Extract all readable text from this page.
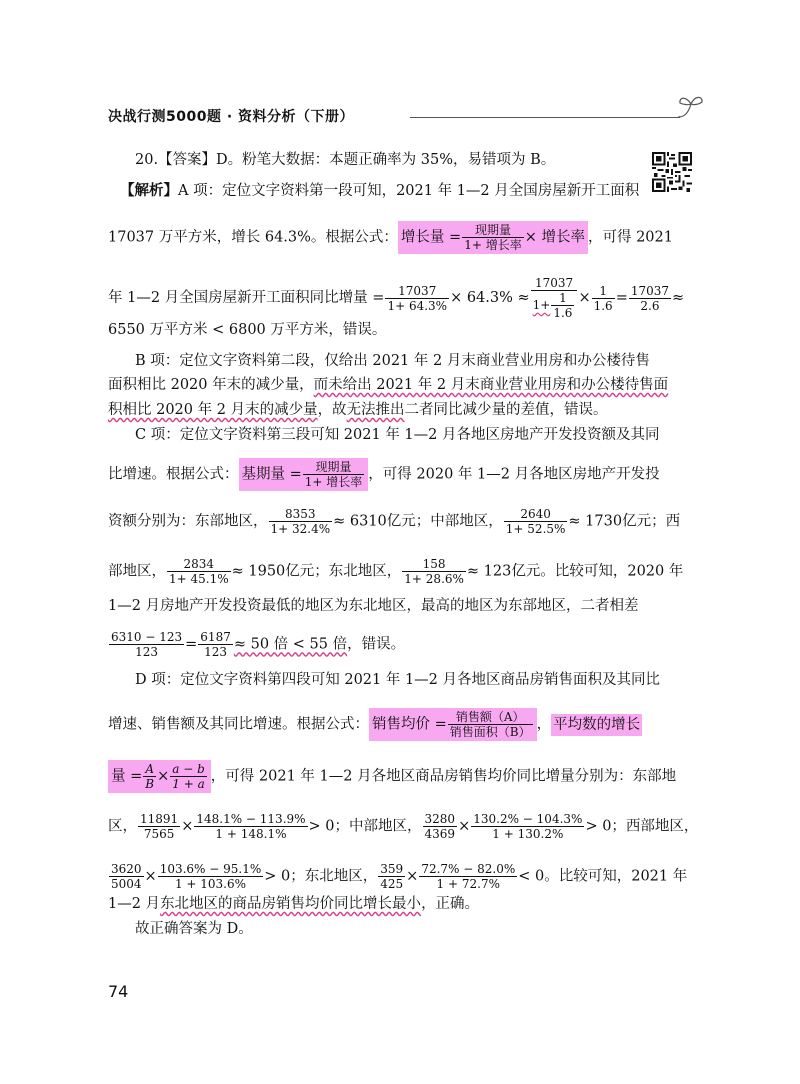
决战行测5000题 · 资料分析（下册）
20.【答案】D。粉笔大数据：本题正确率为 35%，易错项为 B。
【解析】A 项：定位文字资料第一段可知，2021 年 1—2 月全国房屋新开工面积
17037 万平方米，增长 64.3%。根据公式： 增长量 = $\frac{\text{现期量}}{\text{1+ 增长率}}$ × 增长率 ，可得 2021
年 1—2 月全国房屋新开工面积同比增量 = $\frac{17037}{1+ 64.3\%} \times 64.3\% \approx \frac{17037}{1+ \frac{1}{1.6}} \times \frac{1}{1.6} = \frac{17037}{2.6}$ ≈
6550 万平方米 < 6800 万平方米，错误。
B 项：定位文字资料第二段，仅给出 2021 年 2 月末商业营业用房和办公楼待售
面积相比 2020 年末的减少量，而未给出 2021 年 2 月末商业营业用房和办公楼待售面
积相比 2020 年 2 月末的减少量，故无法推出二者同比减少量的差值，错误。
C 项：定位文字资料第三段可知 2021 年 1—2 月各地区房地产开发投资额及其同
比增速。根据公式： 基期量 = $\frac{\text{现期量}}{\text{1+ 增长率}}$ ，可得 2020 年 1—2 月各地区房地产开发投
资额分别为：东部地区， $\frac{8353}{1+ 32.4\%} \approx 6310$亿元；中部地区， $\frac{2640}{1+ 52.5\%} \approx 1730$亿元；西
部地区， $\frac{2834}{1+ 45.1\%} \approx 1950$亿元；东北地区， $\frac{158}{1+ 28.6\%} \approx 123$亿元。比较可知，2020 年
1—2 月房地产开发投资最低的地区为东北地区，最高的地区为东部地区，二者相差
$\frac{6310 - 123}{123} = \frac{6187}{123} \approx 50$ 倍 < 55 倍，错误。
D 项：定位文字资料第四段可知 2021 年 1—2 月各地区商品房销售面积及其同比
增速、销售额及其同比增速。根据公式： 销售均价 = $\frac{\text{销售额（A）}}{\text{销售面积（B）}}$ ， 平均数的增长
量 = $\frac{A}{B} \times \frac{a - b}{1 + a}$ ，可得 2021 年 1—2 月各地区商品房销售均价同比增量分别为：东部地
区， $\frac{11891}{7565} \times \frac{148.1\% - 113.9\%}{1 + 148.1\%} > 0$；中部地区， $\frac{3280}{4369} \times \frac{130.2\% - 104.3\%}{1 + 130.2\%} > 0$；西部地区，
$\frac{3620}{5004} \times \frac{103.6\% - 95.1\%}{1 + 103.6\%} > 0$；东北地区， $\frac{359}{425} \times \frac{72.7\% - 82.0\%}{1 + 72.7\%} < 0$。比较可知，2021 年
1—2 月东北地区的商品房销售均价同比增长最小，正确。
故正确答案为 D。
74
